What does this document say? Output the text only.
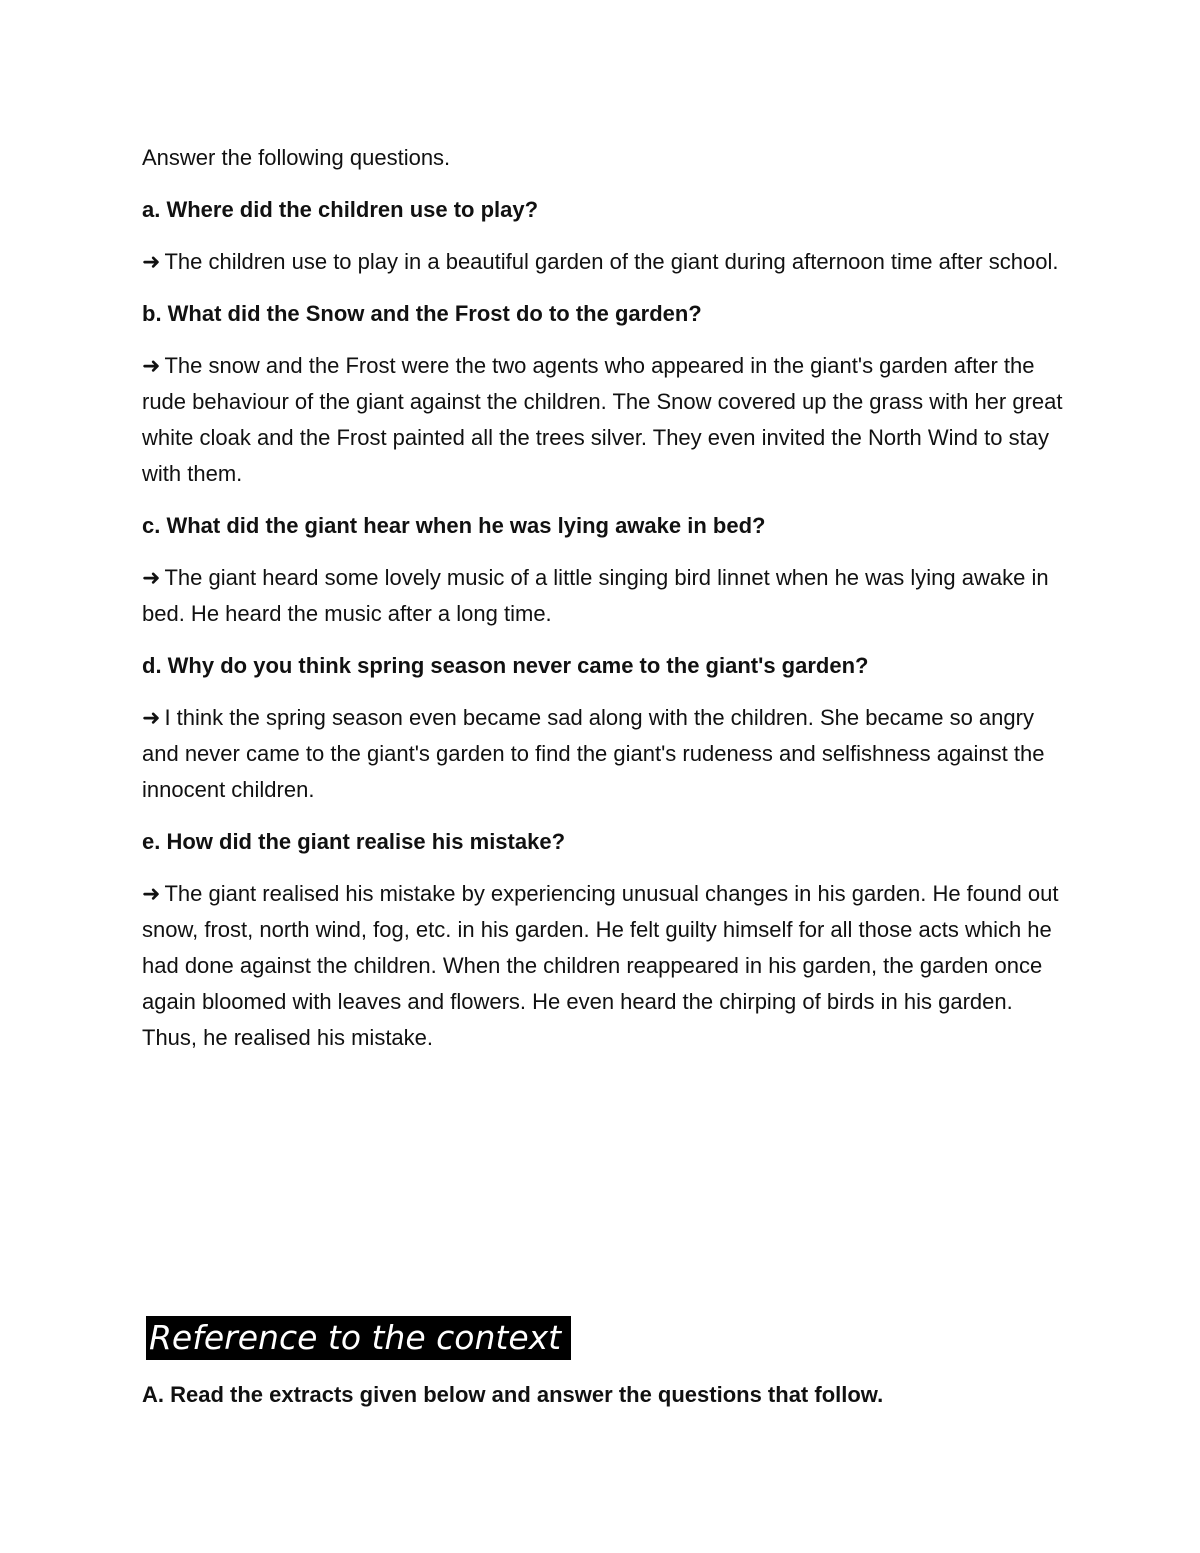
Answer the following questions.

a. Where did the children use to play?

➜ The children use to play in a beautiful garden of the giant during afternoon time after school.

b. What did the Snow and the Frost do to the garden?

➜ The snow and the Frost were the two agents who appeared in the giant's garden after the rude behaviour of the giant against the children. The Snow covered up the grass with her great white cloak and the Frost painted all the trees silver. They even invited the North Wind to stay with them.

c. What did the giant hear when he was lying awake in bed?

➜ The giant heard some lovely music of a little singing bird linnet when he was lying awake in bed. He heard the music after a long time.

d. Why do you think spring season never came to the giant's garden?

➜ I think the spring season even became sad along with the children. She became so angry and never came to the giant's garden to find the giant's rudeness and selfishness against the innocent children.

e. How did the giant realise his mistake?

➜ The giant realised his mistake by experiencing unusual changes in his garden. He found out snow, frost, north wind, fog, etc. in his garden. He felt guilty himself for all those acts which he had done against the children. When the children reappeared in his garden, the garden once again bloomed with leaves and flowers. He even heard the chirping of birds in his garden. Thus, he realised his mistake.

Reference to the context
A. Read the extracts given below and answer the questions that follow.
